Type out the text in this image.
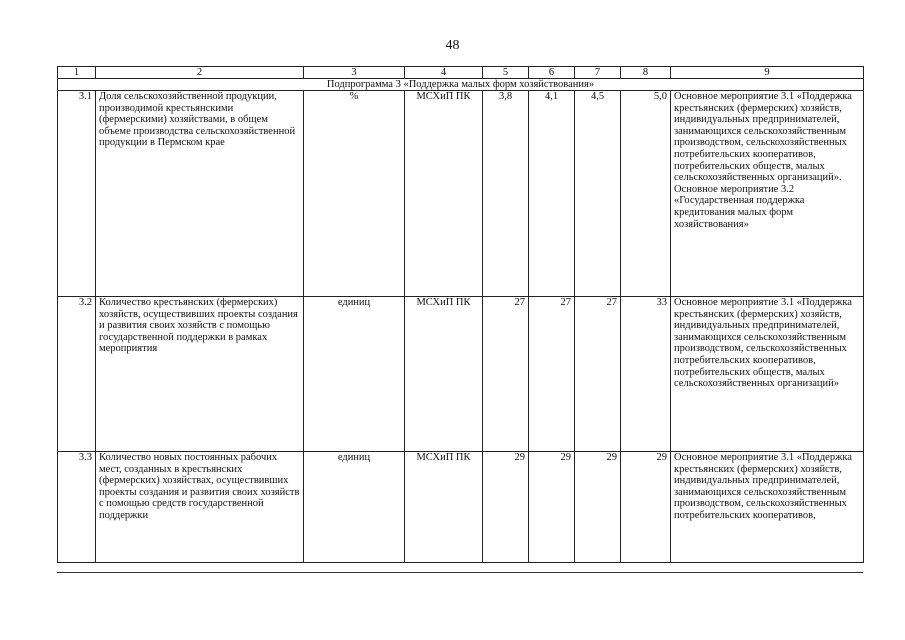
48
1	2	3	4	5	6	7	8	9
Подпрограмма 3 «Поддержка малых форм хозяйствования»								
3.1	Доля сельскохозяйственной продукции, производимой крестьянскими (фермерскими) хозяйствами, в общем объеме производства сельскохозяйственной продукции в Пермском крае	%	МСХиП ПК	3,8	4,1	4,5	5,0	Основное мероприятие 3.1 «Поддержка крестьянских (фермерских) хозяйств, индивидуальных предпринимателей, занимающихся сельскохозяйственным производством, сельскохозяйственных потребительских кооперативов, потребительских обществ, малых сельскохозяйственных организаций». Основное мероприятие 3.2 «Государственная поддержка кредитования малых форм хозяйствования»
3.2	Количество крестьянских (фермерских) хозяйств, осуществивших проекты создания и развития своих хозяйств с помощью государственной поддержки в рамках мероприятия	единиц	МСХиП ПК	27	27	27	33	Основное мероприятие 3.1 «Поддержка крестьянских (фермерских) хозяйств, индивидуальных предпринимателей, занимающихся сельскохозяйственным производством, сельскохозяйственных потребительских кооперативов, потребительских обществ, малых сельскохозяйственных организаций»
3.3	Количество новых постоянных рабочих мест, созданных в крестьянских (фермерских) хозяйствах, осуществивших проекты создания и развития своих хозяйств с помощью средств государственной поддержки	единиц	МСХиП ПК	29	29	29	29	Основное мероприятие 3.1 «Поддержка крестьянских (фермерских) хозяйств, индивидуальных предпринимателей, занимающихся сельскохозяйственным производством, сельскохозяйственных потребительских кооперативов,
